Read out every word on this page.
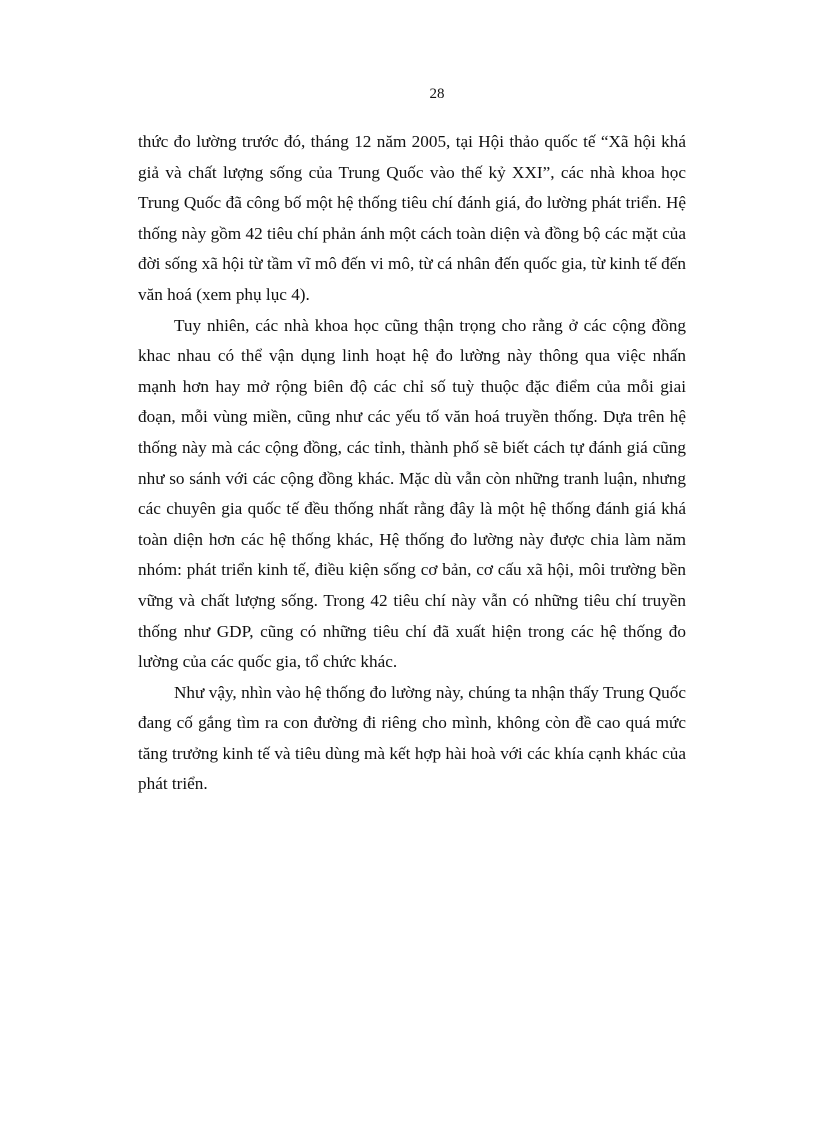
28

thức đo lường trước đó, tháng 12 năm 2005, tại Hội thảo quốc tế “Xã hội khá giả và chất lượng sống của Trung Quốc vào thế kỷ XXI”, các nhà khoa học Trung Quốc đã công bố một hệ thống tiêu chí đánh giá, đo lường phát triển. Hệ thống này gồm 42 tiêu chí phản ánh một cách toàn diện và đồng bộ các mặt của đời sống xã hội từ tầm vĩ mô đến vi mô, từ cá nhân đến quốc gia, từ kinh tế đến văn hoá (xem phụ lục 4).

Tuy nhiên, các nhà khoa học cũng thận trọng cho rằng ở các cộng đồng khac nhau có thể vận dụng linh hoạt hệ đo lường này thông qua việc nhấn mạnh hơn hay mở rộng biên độ các chỉ số tuỳ thuộc đặc điểm của mỗi giai đoạn, mỗi vùng miền, cũng như các yếu tố văn hoá truyền thống. Dựa trên hệ thống này mà các cộng đồng, các tỉnh, thành phố sẽ biết cách tự đánh giá cũng như so sánh với các cộng đồng khác. Mặc dù vẫn còn những tranh luận, nhưng các chuyên gia quốc tế đều thống nhất rằng đây là một hệ thống đánh giá khá toàn diện hơn các hệ thống khác, Hệ thống đo lường này được chia làm năm nhóm: phát triển kinh tế, điều kiện sống cơ bản, cơ cấu xã hội, môi trường bền vững và chất lượng sống. Trong 42 tiêu chí này vẫn có những tiêu chí truyền thống như GDP, cũng có những tiêu chí đã xuất hiện trong các hệ thống đo lường của các quốc gia, tổ chức khác.

Như vậy, nhìn vào hệ thống đo lường này, chúng ta nhận thấy Trung Quốc đang cố gắng tìm ra con đường đi riêng cho mình, không còn đề cao quá mức tăng trưởng kinh tế và tiêu dùng mà kết hợp hài hoà với các khía cạnh khác của phát triển.
